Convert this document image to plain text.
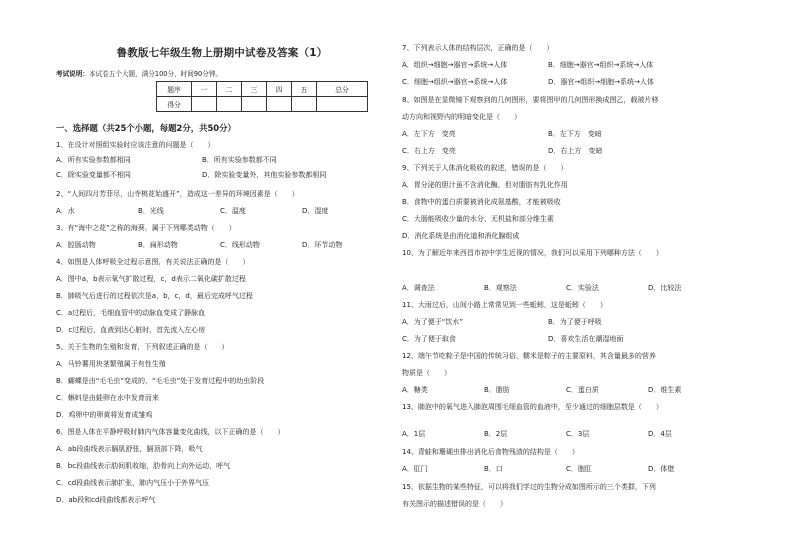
鲁教版七年级生物上册期中试卷及答案（1）
考试说明：本试卷五个大题，满分100分，时间90分钟。
题序	一	二	三	四	五	总分
得分						
一、选择题（共25个小题，每题2分，共50分）
1、在设计对照组实验时应该注意的问题是（　　）
A．所有实验参数都相同	B．所有实验参数都不同
C．除实验变量都不相同	D．除实验变量外，其他实验参数都相同
2、“人间四月芳菲尽，山寺桃花始盛开”，造成这一差异的环境因素是（　　）
A．水	B．光线	C．温度	D．湿度
3、有“海中之花”之称的海葵，属于下列哪类动物（　　）
A．腔肠动物	B．扁形动物	C．线形动物	D．环节动物
4、如图是人体呼吸全过程示意图，有关说法正确的是（　　）
A．图中a，b表示氧气扩散过程，c，d表示二氧化碳扩散过程
B．肺吸气后进行的过程依次是a，b，c，d，最后完成呼气过程
C．a过程后，毛细血管中的动脉血变成了静脉血
D．c过程后，血液到达心脏时，首先流入左心房
5、关于生物的生殖和发育，下列叙述正确的是（　　）
A．马铃薯用块茎繁殖属于有性生殖
B．蝴蝶是由“毛毛虫”变成的，“毛毛虫”处于发育过程中的幼虫阶段
C．蝌蚪是由蛙卵在水中发育而来
D．鸡卵中的卵黄将发育成雏鸡
6、图是人体在平静呼吸时肺内气体容量变化曲线，以下正确的是（　　）
A．ab段曲线表示膈肌舒张，膈顶部下降，吸气
B．bc段曲线表示肋间肌收缩，肋骨向上向外运动，呼气
C．cd段曲线表示肺扩张，肺内气压小于外界气压
D．ab段和cd段曲线都表示呼气
7、下列表示人体的结构层次，正确的是（　　）
A．组织→细胞→器官→系统→人体	B．细胞→器官→组织→系统→人体
C．细胞→组织→器官→系统→人体	D．器官→组织→细胞→系统→人体
8、如图是在显微镜下观察到的几何图形，要将图甲的几何图形换成图乙，载玻片移
动方向和视野内的明暗变化是（　　）
A．左下方　变亮	B．左下方　变暗
C．右上方　变亮	D．右上方　变暗
9、下列关于人体消化吸收的叙述，错误的是（　　）
A．胃分泌的胆汁虽不含消化酶，但对脂肪有乳化作用
B．食物中的蛋白质要被消化成氨基酸，才能被吸收
C．大肠能吸收少量的水分、无机盐和部分维生素
D．消化系统是由消化道和消化腺组成
10、为了解近年来西昌市初中学生近视的情况，我们可以采用下列哪种方法（　　）
A．调查法	B．观察法	C．实验法	D．比较法
11、大雨过后，山间小路上常常见到一些蚯蚓，这是蚯蚓（　　）
A．为了便于“饮水”	B．为了便于呼吸
C．为了便于取食	D．喜欢生活在潮湿地面
12、端午节吃粽子是中国的传统习俗，糯米是粽子的主要原料，其含量最多的营养
物质是（　　）
A．糖类	B．脂肪	C．蛋白质	D．维生素
13、肺泡中的氧气进入肺泡周围毛细血管的血液中，至少通过的细胞层数是（　　）
A．1层	B．2层	C．3层	D．4层
14、青蛙和珊瑚虫排出消化后食物残渣的结构是（　　）
A．肛门	B．口	C．胞肛	D．体壁
15、依据生物的某些特征，可以将我们学过的生物分成如图所示的三个类群，下列
有关图示的描述错误的是（　　）
